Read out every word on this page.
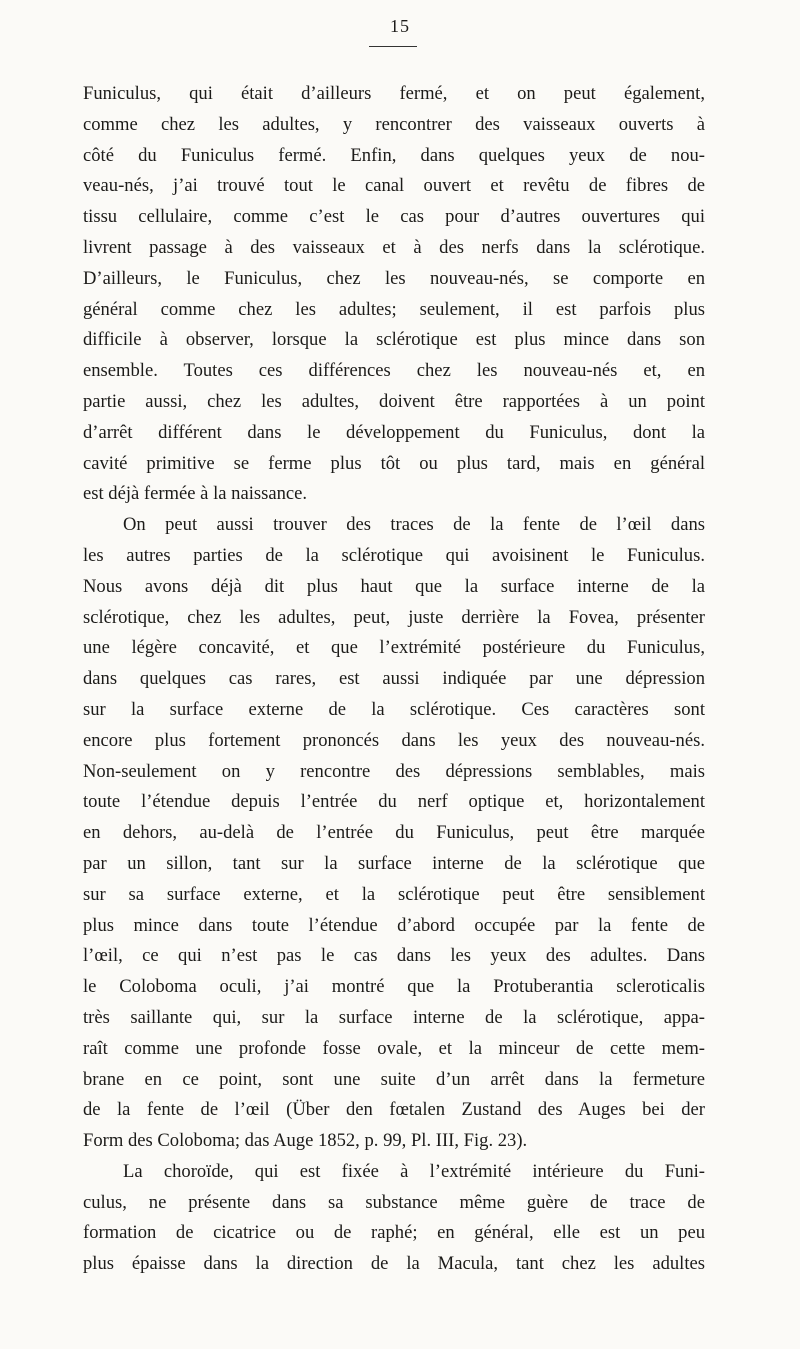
15
Funiculus, qui était d’ailleurs fermé, et on peut également,
comme chez les adultes, y rencontrer des vaisseaux ouverts à
côté du Funiculus fermé. Enfin, dans quelques yeux de nou-
veau-nés, j’ai trouvé tout le canal ouvert et revêtu de fibres de
tissu cellulaire, comme c’est le cas pour d’autres ouvertures qui
livrent passage à des vaisseaux et à des nerfs dans la sclérotique.
D’ailleurs, le Funiculus, chez les nouveau-nés, se comporte en
général comme chez les adultes; seulement, il est parfois plus
difficile à observer, lorsque la sclérotique est plus mince dans son
ensemble. Toutes ces différences chez les nouveau-nés et, en
partie aussi, chez les adultes, doivent être rapportées à un point
d’arrêt différent dans le développement du Funiculus, dont la
cavité primitive se ferme plus tôt ou plus tard, mais en général
est déjà fermée à la naissance.
On peut aussi trouver des traces de la fente de l’œil dans
les autres parties de la sclérotique qui avoisinent le Funiculus.
Nous avons déjà dit plus haut que la surface interne de la
sclérotique, chez les adultes, peut, juste derrière la Fovea, présenter
une légère concavité, et que l’extrémité postérieure du Funiculus,
dans quelques cas rares, est aussi indiquée par une dépression
sur la surface externe de la sclérotique. Ces caractères sont
encore plus fortement prononcés dans les yeux des nouveau-nés.
Non-seulement on y rencontre des dépressions semblables, mais
toute l’étendue depuis l’entrée du nerf optique et, horizontalement
en dehors, au-delà de l’entrée du Funiculus, peut être marquée
par un sillon, tant sur la surface interne de la sclérotique que
sur sa surface externe, et la sclérotique peut être sensiblement
plus mince dans toute l’étendue d’abord occupée par la fente de
l’œil, ce qui n’est pas le cas dans les yeux des adultes. Dans
le Coloboma oculi, j’ai montré que la Protuberantia scleroticalis
très saillante qui, sur la surface interne de la sclérotique, appa-
raît comme une profonde fosse ovale, et la minceur de cette mem-
brane en ce point, sont une suite d’un arrêt dans la fermeture
de la fente de l’œil (Über den fœtalen Zustand des Auges bei der
Form des Coloboma; das Auge 1852, p. 99, Pl. III, Fig. 23).
La choroïde, qui est fixée à l’extrémité intérieure du Funi-
culus, ne présente dans sa substance même guère de trace de
formation de cicatrice ou de raphé; en général, elle est un peu
plus épaisse dans la direction de la Macula, tant chez les adultes
